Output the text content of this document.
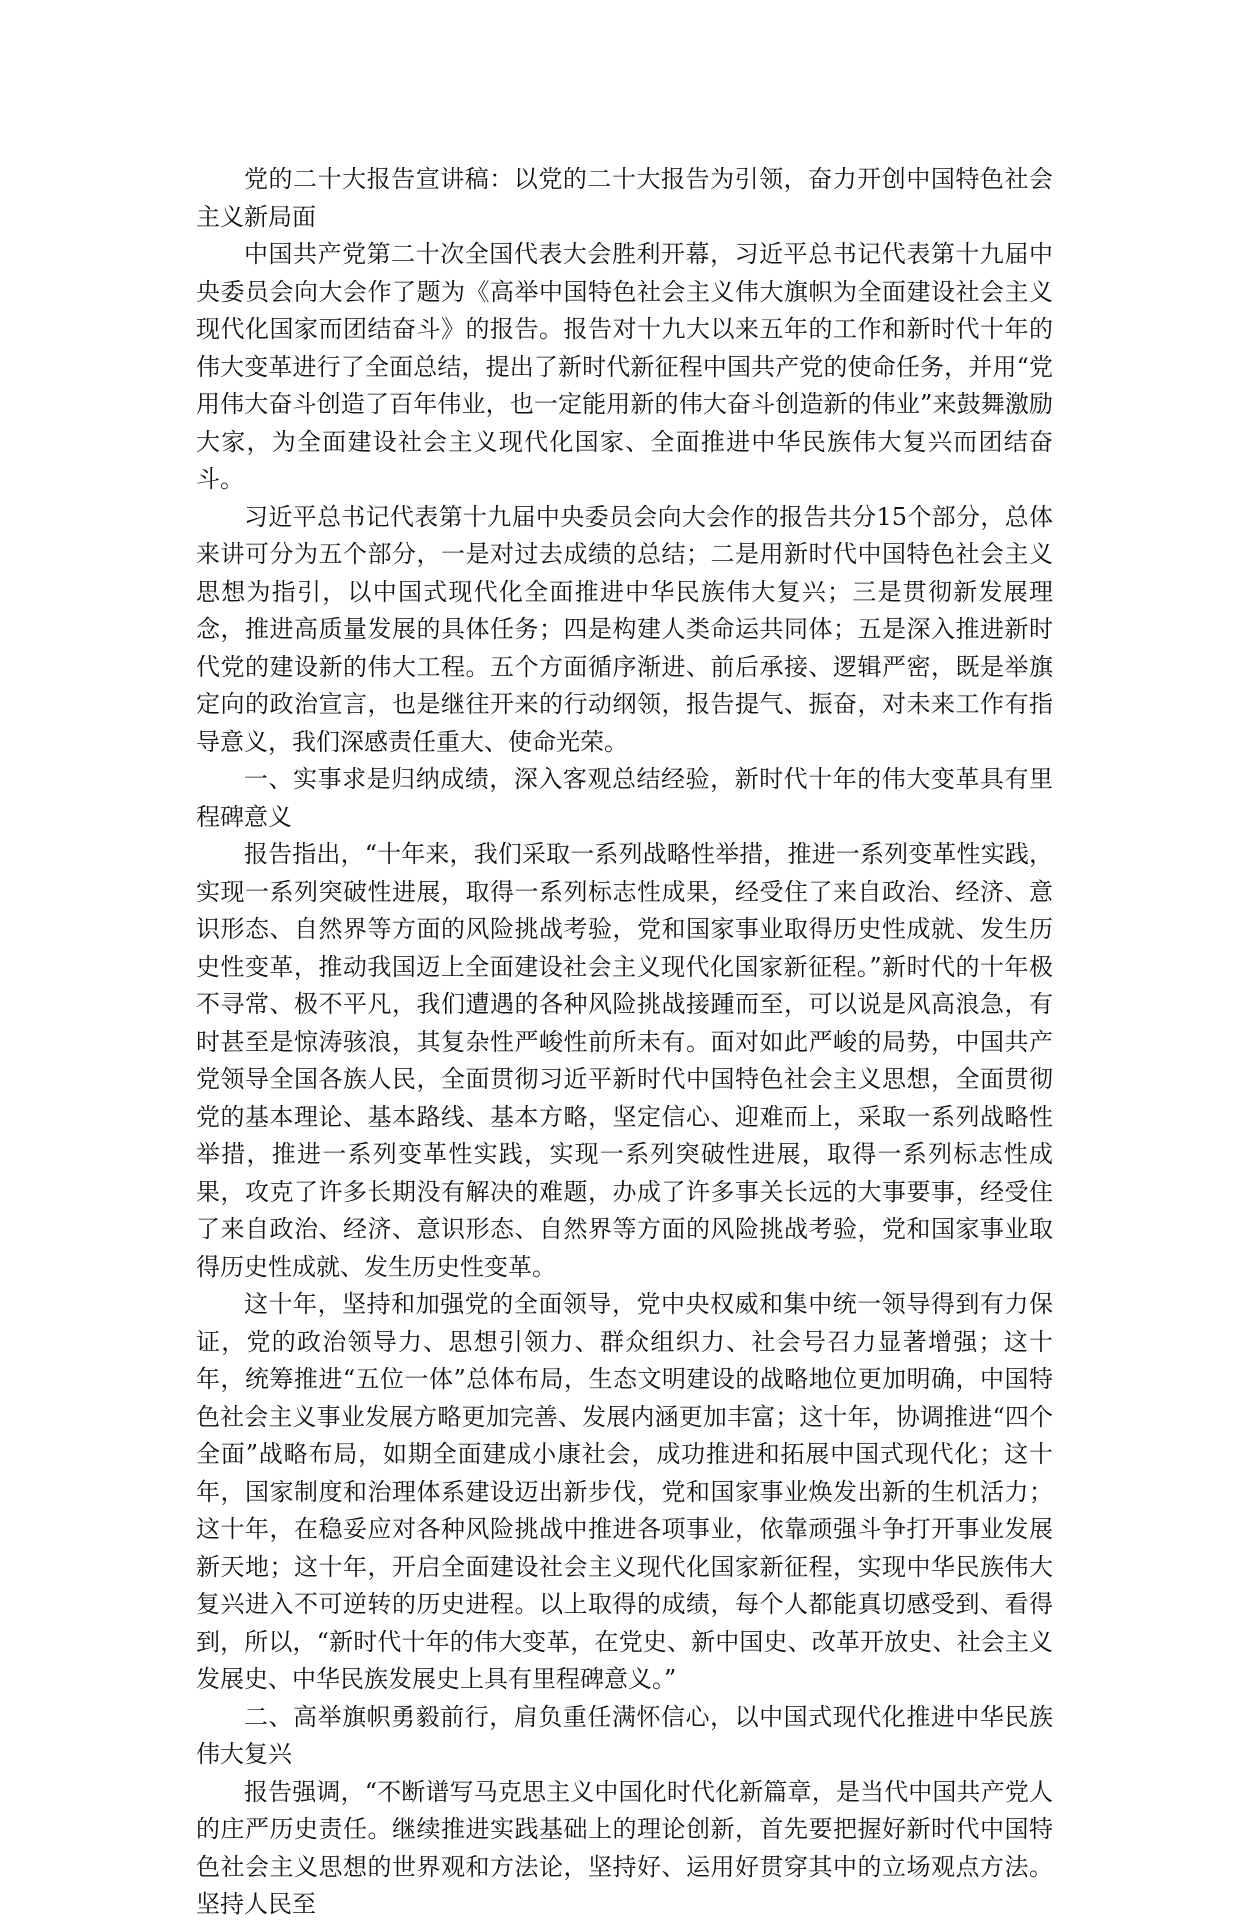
党的二十大报告宣讲稿：以党的二十大报告为引领，奋力开创中国特色社会主义新局面

中国共产党第二十次全国代表大会胜利开幕，习近平总书记代表第十九届中央委员会向大会作了题为《高举中国特色社会主义伟大旗帜为全面建设社会主义现代化国家而团结奋斗》的报告。报告对十九大以来五年的工作和新时代十年的伟大变革进行了全面总结，提出了新时代新征程中国共产党的使命任务，并用“党用伟大奋斗创造了百年伟业，也一定能用新的伟大奋斗创造新的伟业”来鼓舞激励大家，为全面建设社会主义现代化国家、全面推进中华民族伟大复兴而团结奋斗。

习近平总书记代表第十九届中央委员会向大会作的报告共分15个部分，总体来讲可分为五个部分，一是对过去成绩的总结；二是用新时代中国特色社会主义思想为指引，以中国式现代化全面推进中华民族伟大复兴；三是贯彻新发展理念，推进高质量发展的具体任务；四是构建人类命运共同体；五是深入推进新时代党的建设新的伟大工程。五个方面循序渐进、前后承接、逻辑严密，既是举旗定向的政治宣言，也是继往开来的行动纲领，报告提气、振奋，对未来工作有指导意义，我们深感责任重大、使命光荣。

一、实事求是归纳成绩，深入客观总结经验，新时代十年的伟大变革具有里程碑意义

报告指出，“十年来，我们采取一系列战略性举措，推进一系列变革性实践，实现一系列突破性进展，取得一系列标志性成果，经受住了来自政治、经济、意识形态、自然界等方面的风险挑战考验，党和国家事业取得历史性成就、发生历史性变革，推动我国迈上全面建设社会主义现代化国家新征程。”新时代的十年极不寻常、极不平凡，我们遭遇的各种风险挑战接踵而至，可以说是风高浪急，有时甚至是惊涛骇浪，其复杂性严峻性前所未有。面对如此严峻的局势，中国共产党领导全国各族人民，全面贯彻习近平新时代中国特色社会主义思想，全面贯彻党的基本理论、基本路线、基本方略，坚定信心、迎难而上，采取一系列战略性举措，推进一系列变革性实践，实现一系列突破性进展，取得一系列标志性成果，攻克了许多长期没有解决的难题，办成了许多事关长远的大事要事，经受住了来自政治、经济、意识形态、自然界等方面的风险挑战考验，党和国家事业取得历史性成就、发生历史性变革。

这十年，坚持和加强党的全面领导，党中央权威和集中统一领导得到有力保证，党的政治领导力、思想引领力、群众组织力、社会号召力显著增强；这十年，统筹推进“五位一体”总体布局，生态文明建设的战略地位更加明确，中国特色社会主义事业发展方略更加完善、发展内涵更加丰富；这十年，协调推进“四个全面”战略布局，如期全面建成小康社会，成功推进和拓展中国式现代化；这十年，国家制度和治理体系建设迈出新步伐，党和国家事业焕发出新的生机活力；这十年，在稳妥应对各种风险挑战中推进各项事业，依靠顽强斗争打开事业发展新天地；这十年，开启全面建设社会主义现代化国家新征程，实现中华民族伟大复兴进入不可逆转的历史进程。以上取得的成绩，每个人都能真切感受到、看得到，所以，“新时代十年的伟大变革，在党史、新中国史、改革开放史、社会主义发展史、中华民族发展史上具有里程碑意义。”

二、高举旗帜勇毅前行，肩负重任满怀信心，以中国式现代化推进中华民族伟大复兴

报告强调，“不断谱写马克思主义中国化时代化新篇章，是当代中国共产党人的庄严历史责任。继续推进实践基础上的理论创新，首先要把握好新时代中国特色社会主义思想的世界观和方法论，坚持好、运用好贯穿其中的立场观点方法。坚持人民至
